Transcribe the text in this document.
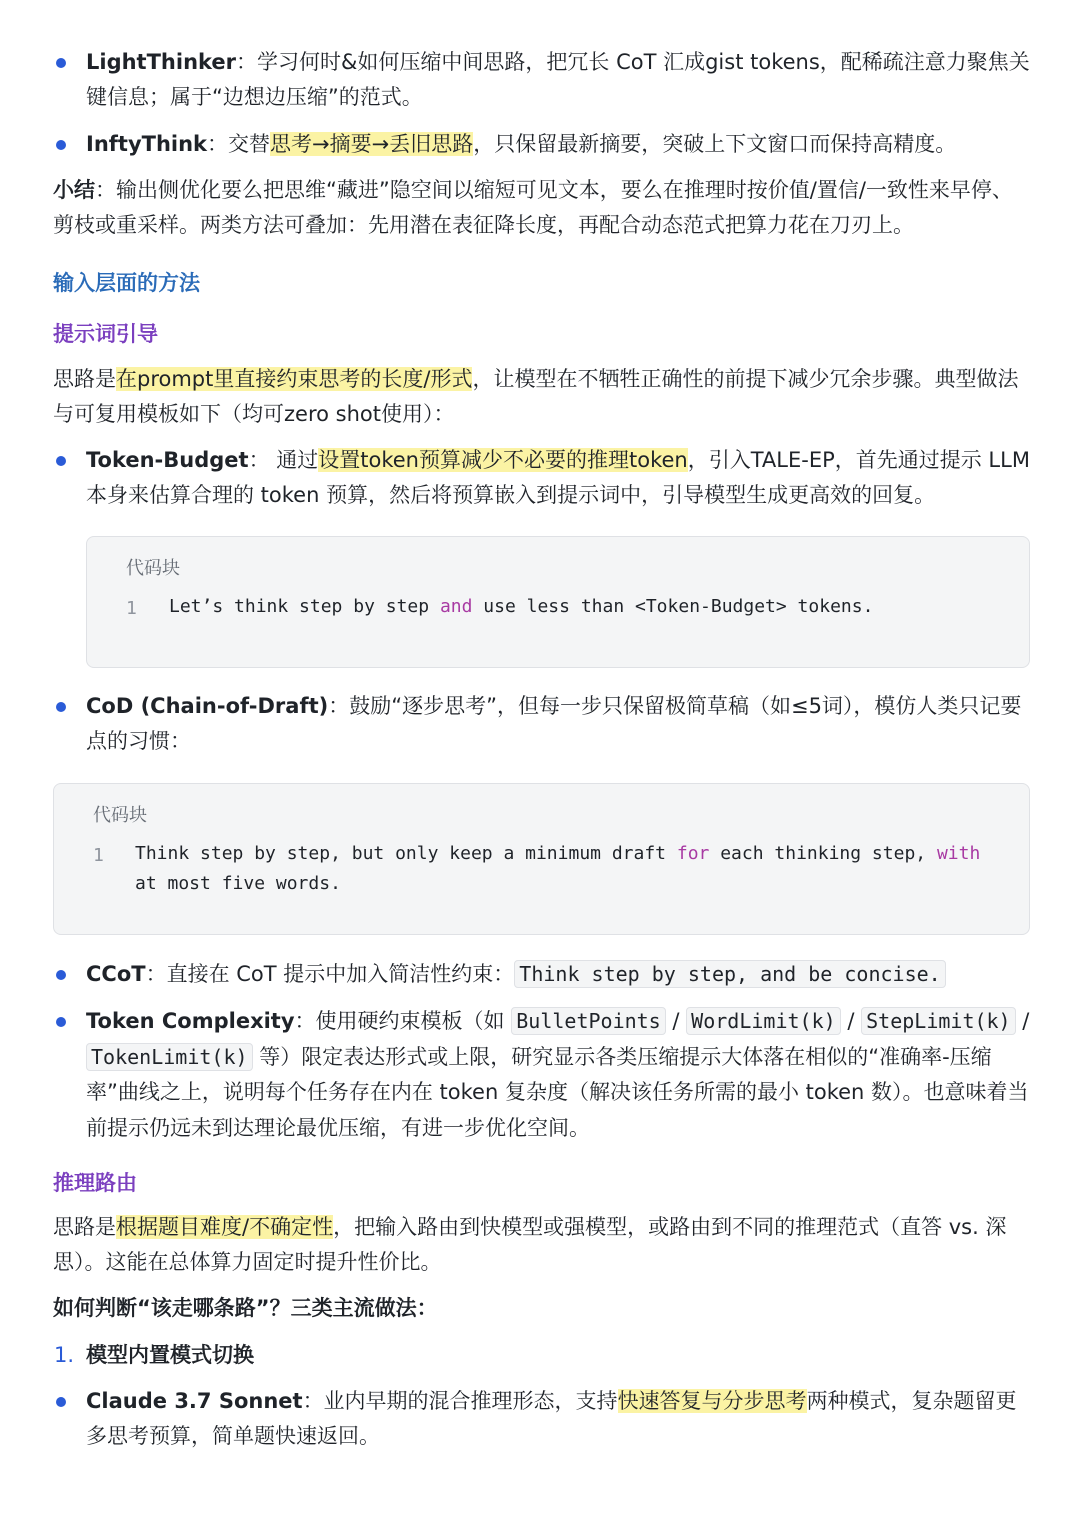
LightThinker：学习何时&如何压缩中间思路，把冗长 CoT 汇成gist tokens，配稀疏注意力聚焦关键信息；属于“边想边压缩”的范式。
InftyThink：交替思考→摘要→丢旧思路，只保留最新摘要，突破上下文窗口而保持高精度。

小结：输出侧优化要么把思维“藏进”隐空间以缩短可见文本，要么在推理时按价值/置信/一致性来早停、剪枝或重采样。两类方法可叠加：先用潜在表征降长度，再配合动态范式把算力花在刀刃上。

输入层面的方法
提示词引导

思路是在prompt里直接约束思考的长度/形式，让模型在不牺牲正确性的前提下减少冗余步骤。典型做法与可复用模板如下（均可zero shot使用）：

Token-Budget： 通过设置token预算减少不必要的推理token，引入TALE-EP，首先通过提示 LLM 本身来估算合理的 token 预算，然后将预算嵌入到提示词中，引导模型生成更高效的回复。
代码块
1 Let’s think step by step and use less than <Token-Budget> tokens.
CoD (Chain-of-Draft)：鼓励“逐步思考”，但每一步只保留极简草稿（如≤5词），模仿人类只记要点的习惯：
代码块
1 Think step by step, but only keep a minimum draft for each thinking step, with
at most five words.
CCoT：直接在 CoT 提示中加入简洁性约束： Think step by step, and be concise.
Token Complexity：使用硬约束模板（如 BulletPoints / WordLimit(k) / StepLimit(k) / TokenLimit(k) 等）限定表达形式或上限，研究显示各类压缩提示大体落在相似的“准确率-压缩率”曲线之上，说明每个任务存在内在 token 复杂度（解决该任务所需的最小 token 数）。也意味着当前提示仍远未到达理论最优压缩，有进一步优化空间。
推理路由

思路是根据题目难度/不确定性，把输入路由到快模型或强模型，或路由到不同的推理范式（直答 vs. 深思）。这能在总体算力固定时提升性价比。

如何判断“该走哪条路”？三类主流做法：

1. 模型内置模式切换
Claude 3.7 Sonnet：业内早期的混合推理形态，支持快速答复与分步思考两种模式，复杂题留更多思考预算，简单题快速返回。
